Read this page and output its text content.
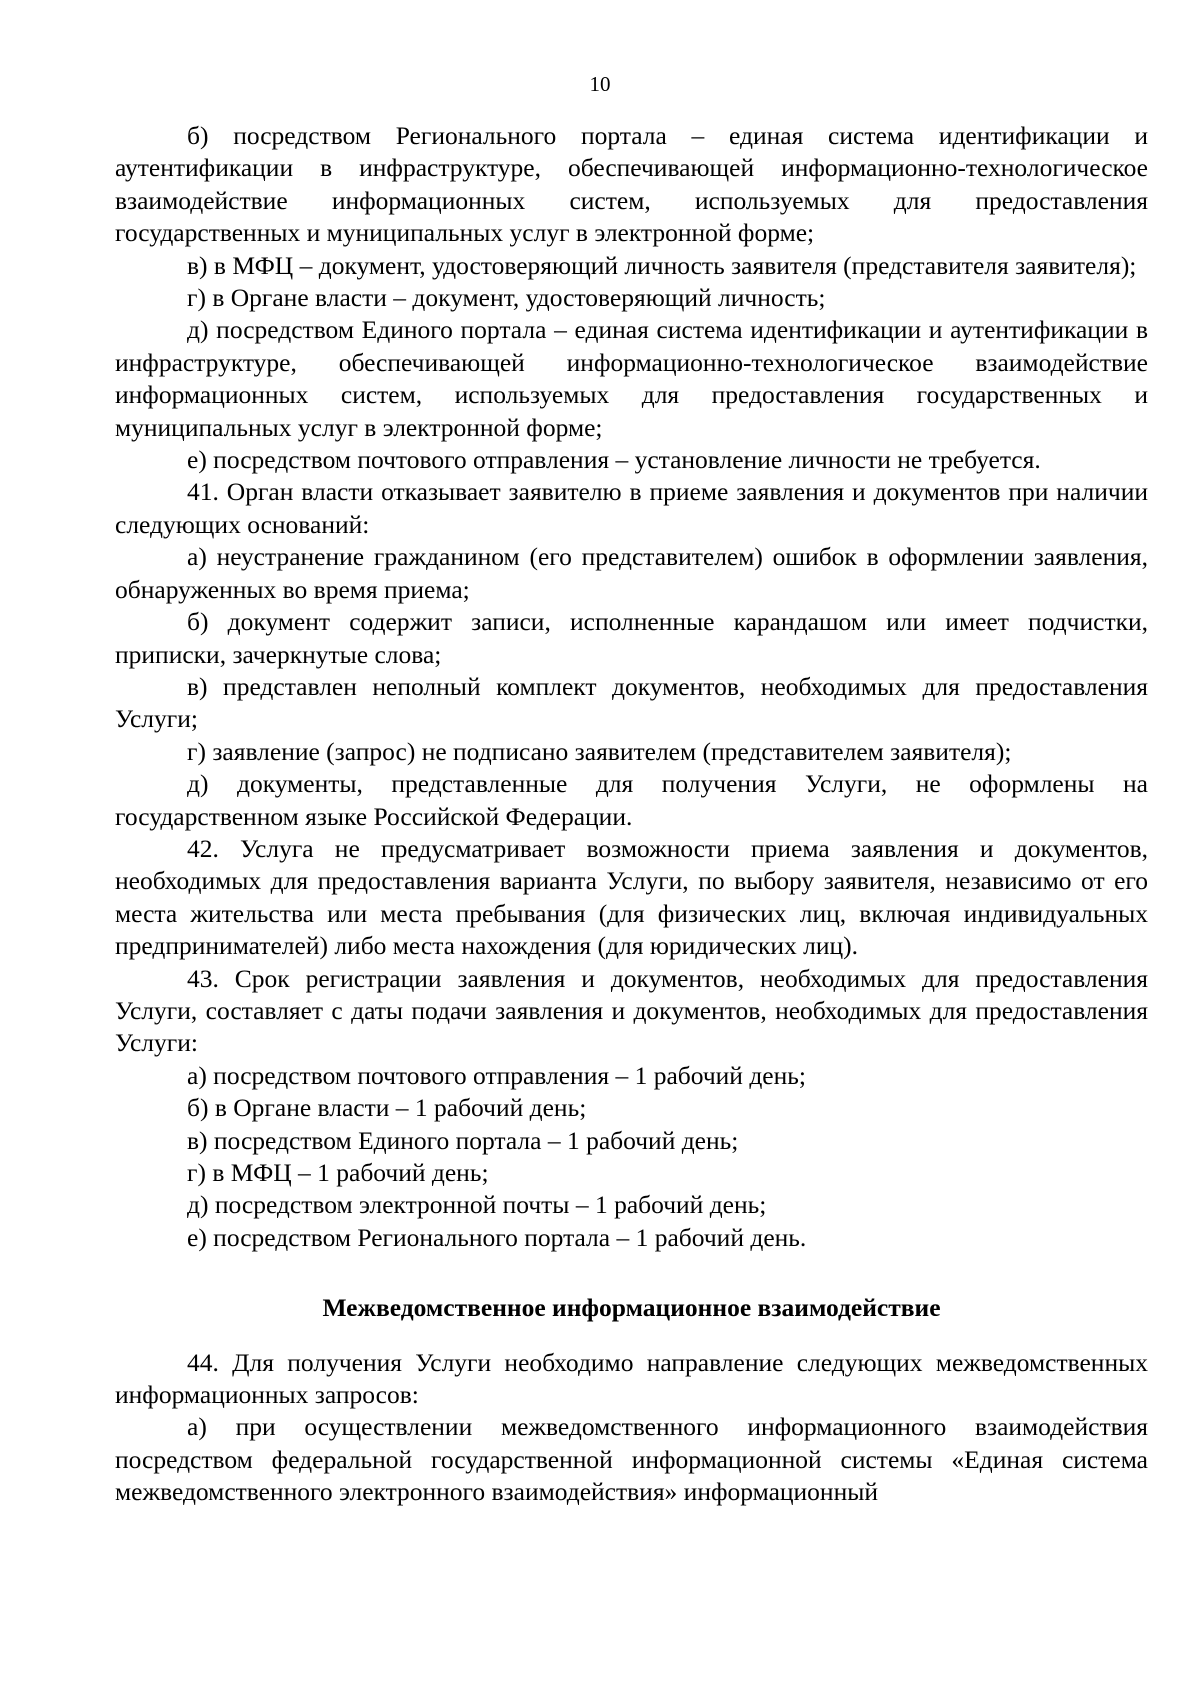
10

б) посредством Регионального портала – единая система идентификации и аутентификации в инфраструктуре, обеспечивающей информационно-технологическое взаимодействие информационных систем, используемых для предоставления государственных и муниципальных услуг в электронной форме;

в) в МФЦ – документ, удостоверяющий личность заявителя (представителя заявителя);

г) в Органе власти – документ, удостоверяющий личность;

д) посредством Единого портала – единая система идентификации и аутентификации в инфраструктуре, обеспечивающей информационно-технологическое взаимодействие информационных систем, используемых для предоставления государственных и муниципальных услуг в электронной форме;

е) посредством почтового отправления – установление личности не требуется.

41. Орган власти отказывает заявителю в приеме заявления и документов при наличии следующих оснований:

а) неустранение гражданином (его представителем) ошибок в оформлении заявления, обнаруженных во время приема;

б) документ содержит записи, исполненные карандашом или имеет подчистки, приписки, зачеркнутые слова;

в) представлен неполный комплект документов, необходимых для предоставления Услуги;

г) заявление (запрос) не подписано заявителем (представителем заявителя);

д) документы, представленные для получения Услуги, не оформлены на государственном языке Российской Федерации.

42. Услуга не предусматривает возможности приема заявления и документов, необходимых для предоставления варианта Услуги, по выбору заявителя, независимо от его места жительства или места пребывания (для физических лиц, включая индивидуальных предпринимателей) либо места нахождения (для юридических лиц).

43. Срок регистрации заявления и документов, необходимых для предоставления Услуги, составляет с даты подачи заявления и документов, необходимых для предоставления Услуги:

а) посредством почтового отправления – 1 рабочий день;

б) в Органе власти – 1 рабочий день;

в) посредством Единого портала – 1 рабочий день;

г) в МФЦ – 1 рабочий день;

д) посредством электронной почты – 1 рабочий день;

е) посредством Регионального портала – 1 рабочий день.

Межведомственное информационное взаимодействие

44. Для получения Услуги необходимо направление следующих межведомственных информационных запросов:

а) при осуществлении межведомственного информационного взаимодействия посредством федеральной государственной информационной системы «Единая система межведомственного электронного взаимодействия» информационный
